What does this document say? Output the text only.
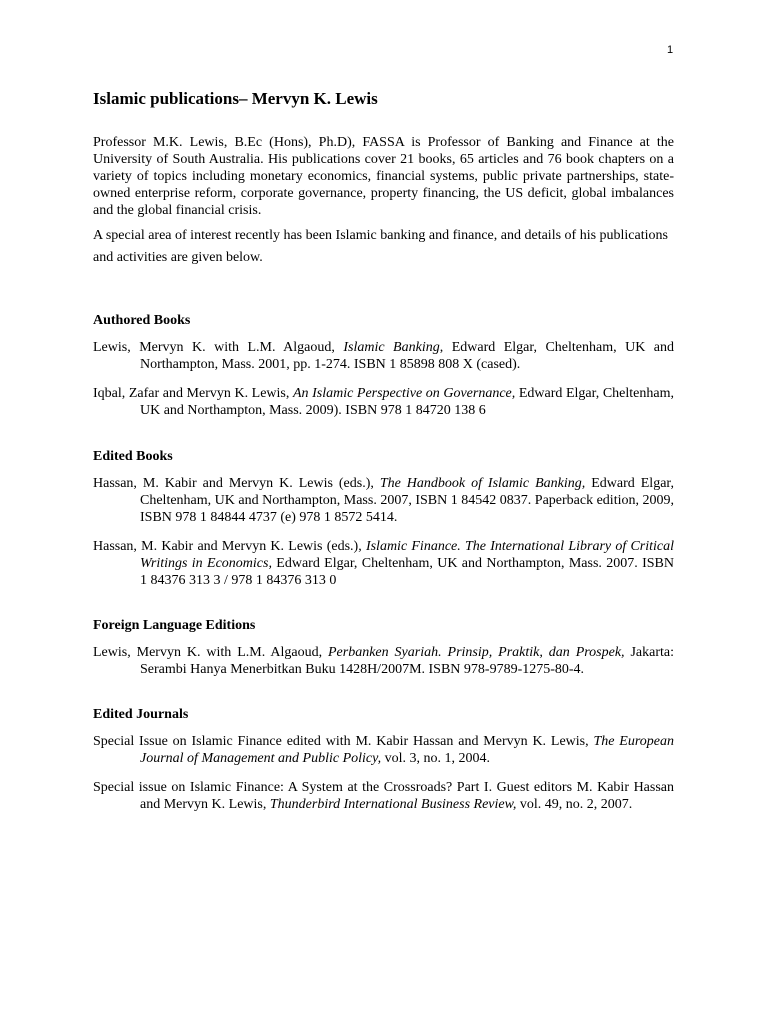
1
Islamic publications– Mervyn K. Lewis

Professor M.K. Lewis, B.Ec (Hons), Ph.D), FASSA is Professor of Banking and Finance at the University of South Australia. His publications cover 21 books, 65 articles and 76 book chapters on a variety of topics including monetary economics, financial systems, public private partnerships, state-owned enterprise reform, corporate governance, property financing, the US deficit, global imbalances and the global financial crisis.

A special area of interest recently has been Islamic banking and finance, and details of his publications and activities are given below.

Authored Books

Lewis, Mervyn K. with L.M. Algaoud, Islamic Banking, Edward Elgar, Cheltenham, UK and Northampton, Mass. 2001, pp. 1-274. ISBN 1 85898 808 X (cased).

Iqbal, Zafar and Mervyn K. Lewis, An Islamic Perspective on Governance, Edward Elgar, Cheltenham, UK and Northampton, Mass. 2009). ISBN 978 1 84720 138 6

Edited Books

Hassan, M. Kabir and Mervyn K. Lewis (eds.), The Handbook of Islamic Banking, Edward Elgar, Cheltenham, UK and Northampton, Mass. 2007, ISBN 1 84542 0837. Paperback edition, 2009, ISBN 978 1 84844 4737 (e) 978 1 8572 5414.

Hassan, M. Kabir and Mervyn K. Lewis (eds.), Islamic Finance. The International Library of Critical Writings in Economics, Edward Elgar, Cheltenham, UK and Northampton, Mass. 2007. ISBN 1 84376 313 3 / 978 1 84376 313 0

Foreign Language Editions

Lewis, Mervyn K. with L.M. Algaoud, Perbanken Syariah. Prinsip, Praktik, dan Prospek, Jakarta: Serambi Hanya Menerbitkan Buku 1428H/2007M. ISBN 978-9789-1275-80-4.

Edited Journals

Special Issue on Islamic Finance edited with M. Kabir Hassan and Mervyn K. Lewis, The European Journal of Management and Public Policy, vol. 3, no. 1, 2004.

Special issue on Islamic Finance: A System at the Crossroads? Part I. Guest editors M. Kabir Hassan and Mervyn K. Lewis, Thunderbird International Business Review, vol. 49, no. 2, 2007.
